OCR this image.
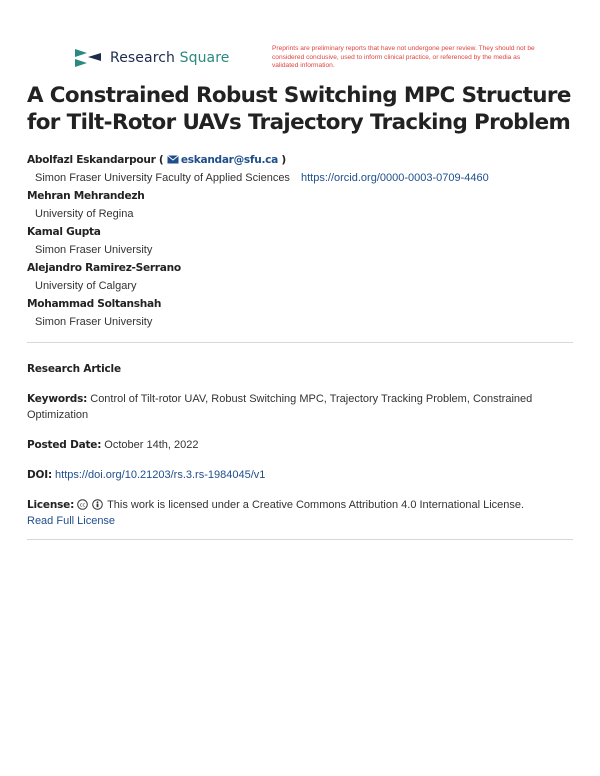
Research Square
Preprints are preliminary reports that have not undergone peer review. They should not be considered conclusive, used to inform clinical practice, or referenced by the media as validated information.
A Constrained Robust Switching MPC Structure for Tilt-Rotor UAVs Trajectory Tracking Problem
Abolfazl Eskandarpour ( eskandar@sfu.ca )
Simon Fraser University Faculty of Applied Sciences https://orcid.org/0000-0003-0709-4460
Mehran Mehrandezh
University of Regina
Kamal Gupta
Simon Fraser University
Alejandro Ramirez-Serrano
University of Calgary
Mohammad Soltanshah
Simon Fraser University
Research Article
Keywords: Control of Tilt-rotor UAV, Robust Switching MPC, Trajectory Tracking Problem, Constrained Optimization
Posted Date: October 14th, 2022
DOI: https://doi.org/10.21203/rs.3.rs-1984045/v1
License: cc This work is licensed under a Creative Commons Attribution 4.0 International License.
Read Full License
